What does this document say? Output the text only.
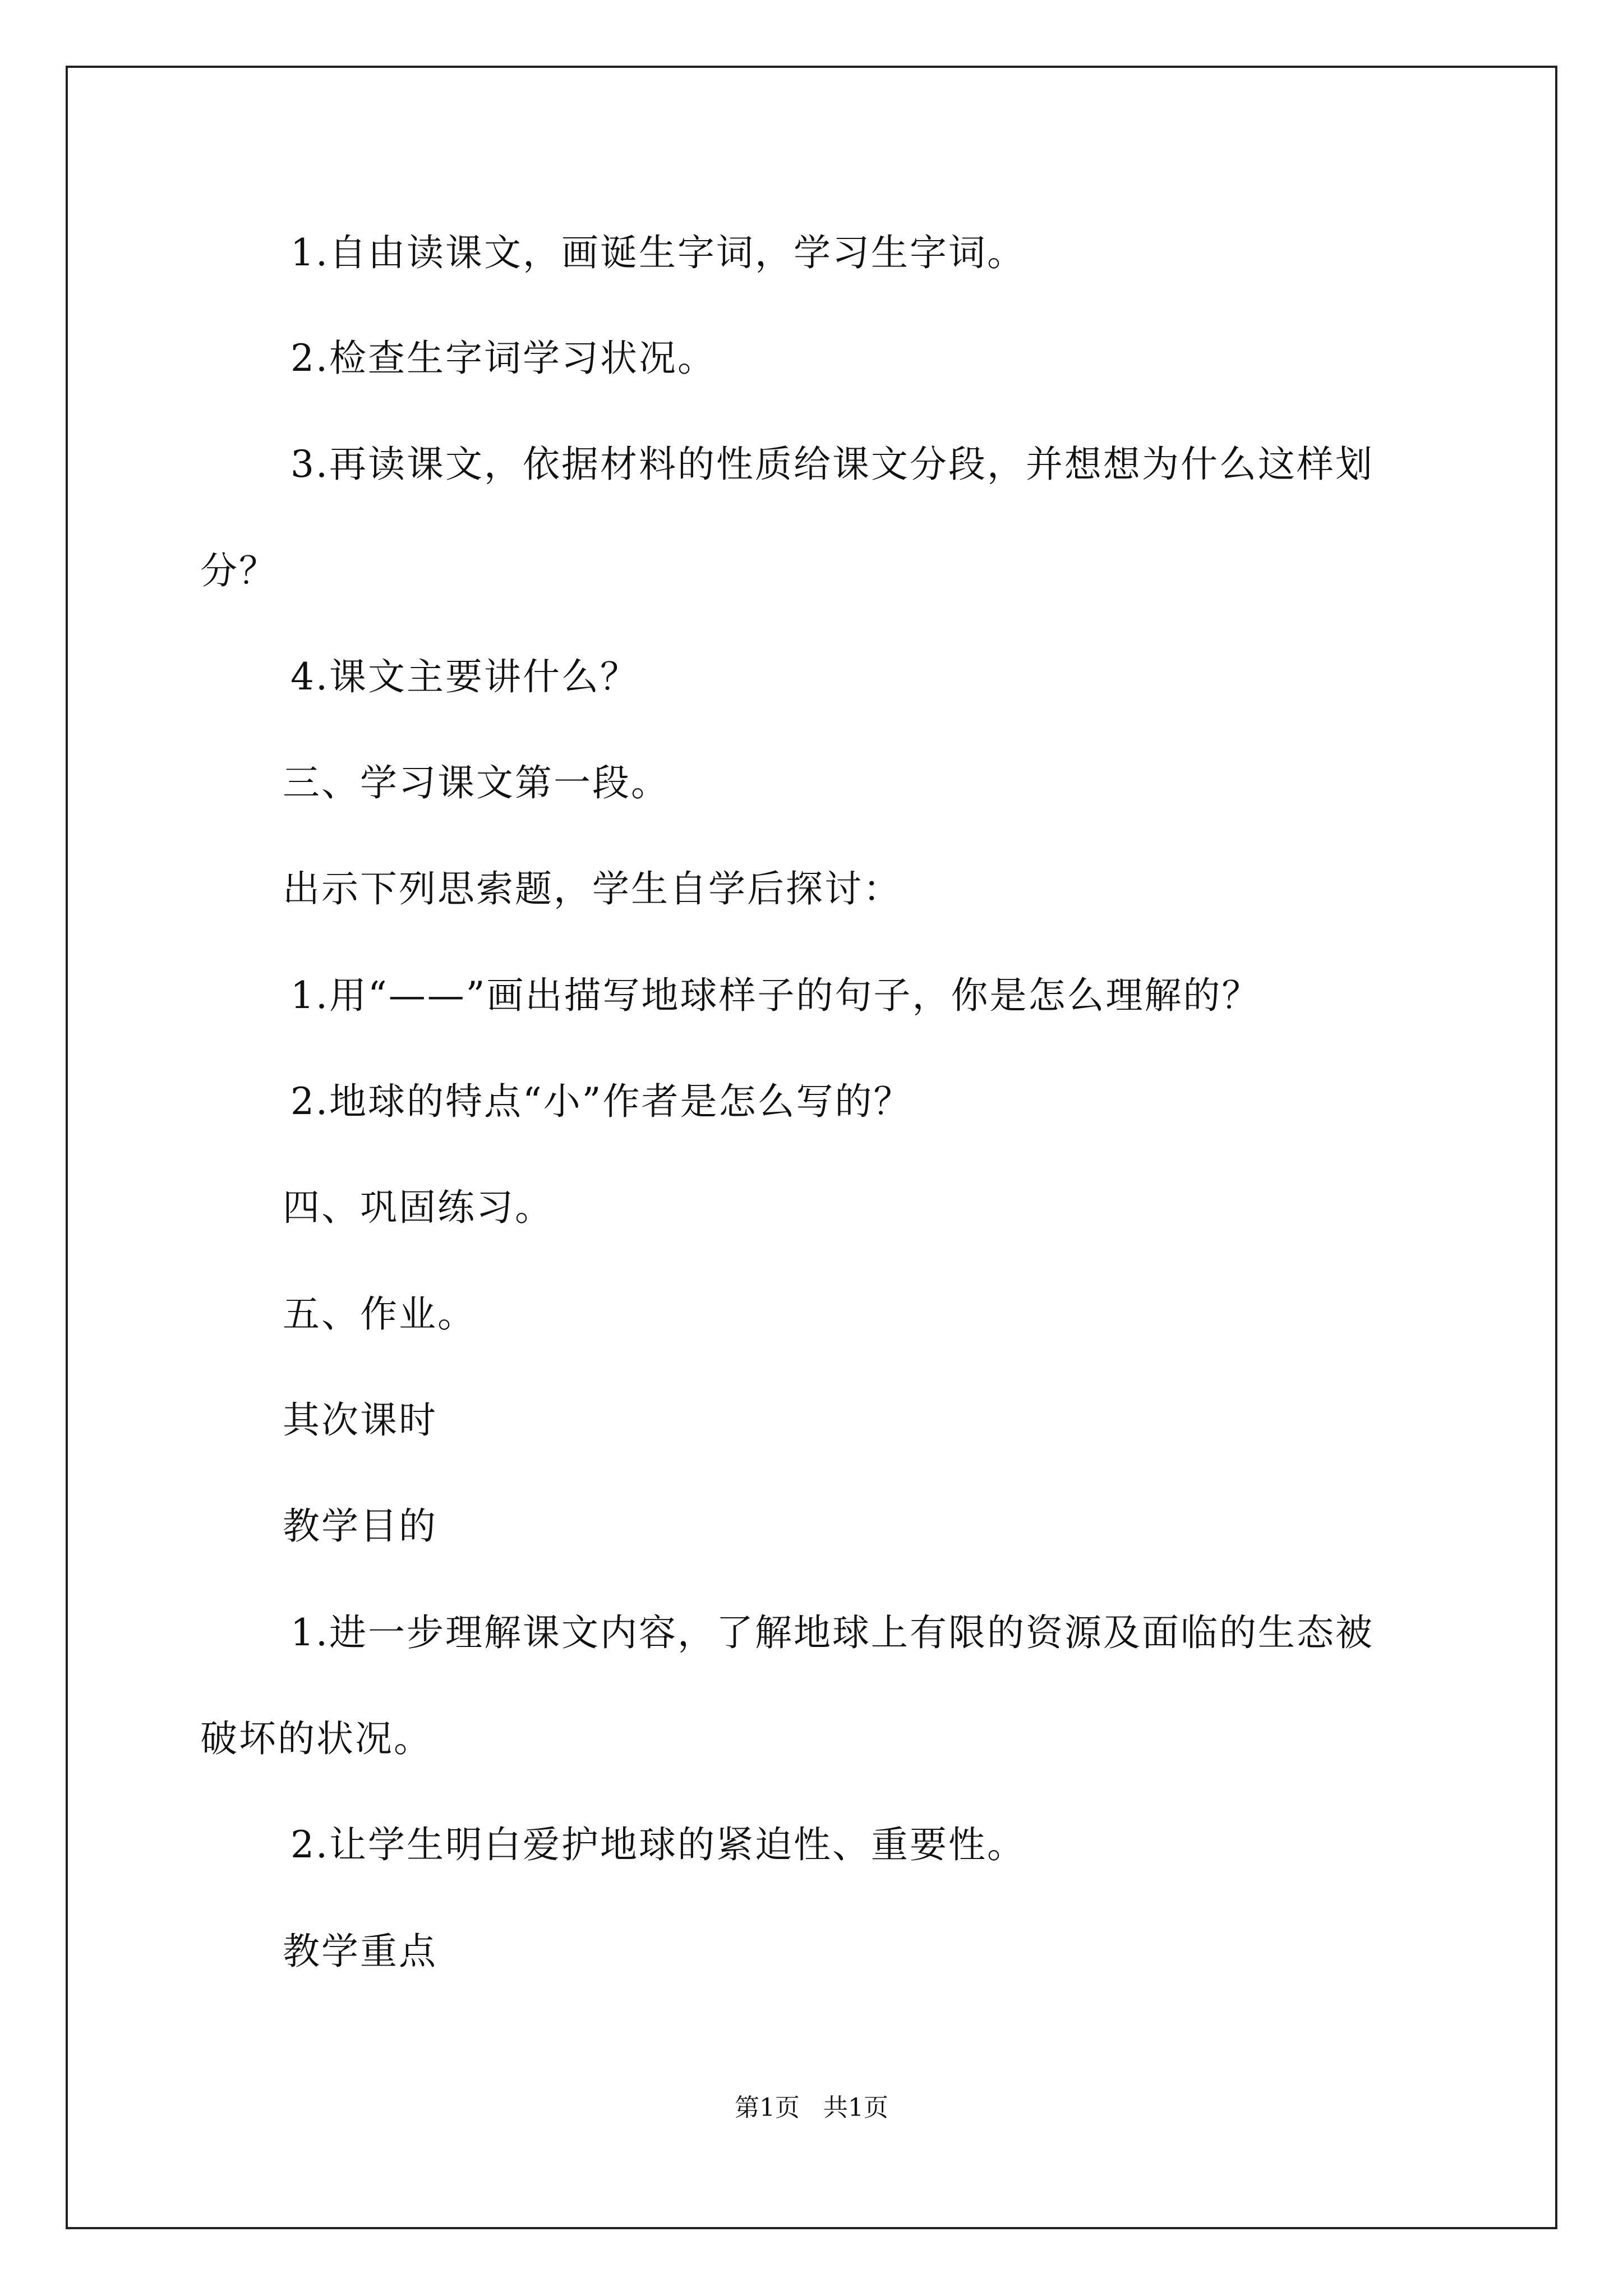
1.自由读课文，画诞生字词，学习生字词。
2.检查生字词学习状况。
3.再读课文，依据材料的性质给课文分段，并想想为什么这样划
分？
4.课文主要讲什么？
三、学习课文第一段。
出示下列思索题，学生自学后探讨：
1.用“——”画出描写地球样子的句子，你是怎么理解的？
2.地球的特点“小”作者是怎么写的？
四、巩固练习。
五、作业。
其次课时
教学目的
1.进一步理解课文内容，了解地球上有限的资源及面临的生态被
破坏的状况。
2.让学生明白爱护地球的紧迫性、重要性。
教学重点
第1页   共1页
